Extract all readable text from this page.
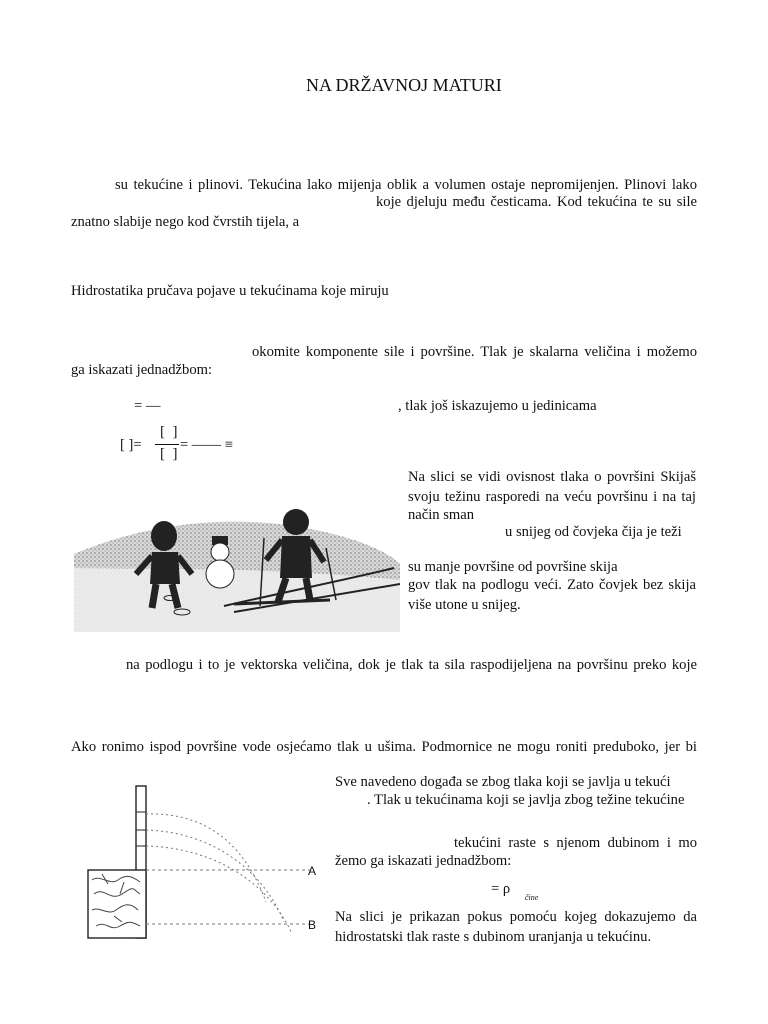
NA DRŽAVNOJ MATURI
su tekućine i plinovi. Tekućina lako mijenja oblik a volumen ostaje nepromijenjen. Plinovi lako
koje djeluju među česticama. Kod tekućina te su sile
znatno slabije nego kod čvrstih tijela, a
Hidrostatika pručava pojave u tekućinama koje miruju
okomite komponente sile i površine. Tlak je skalarna veličina i možemo
ga iskazati jednadžbom:
= —	, tlak još iskazujemo u jedinicama
[ ]=
[  ]
[  ]
= —— ≡
Na slici se vidi ovisnost tlaka o površini Skijaš
svoju težinu rasporedi na veću površinu i na taj
način sman
u snijeg od čovjeka čija je teži
su manje površine od površine skija
gov tlak na podlogu veći. Zato čovjek bez skija
više utone u snijeg.
na podlogu i to je vektorska veličina, dok je tlak ta sila raspodijeljena na površinu preko koje
Ako ronimo ispod površine vode osjećamo tlak u ušima. Podmornice ne mogu roniti preduboko, jer bi
A
B
Sve navedeno događa se zbog tlaka koji se javlja u tekući
. Tlak u tekućinama koji se javlja zbog težine tekućine
tekućini raste s njenom dubinom i mo
žemo ga iskazati jednadžbom:
= ρ
čine
Na slici je prikazan pokus pomoću kojeg dokazujemo da
hidrostatski tlak raste s dubinom uranjanja u tekućinu.
